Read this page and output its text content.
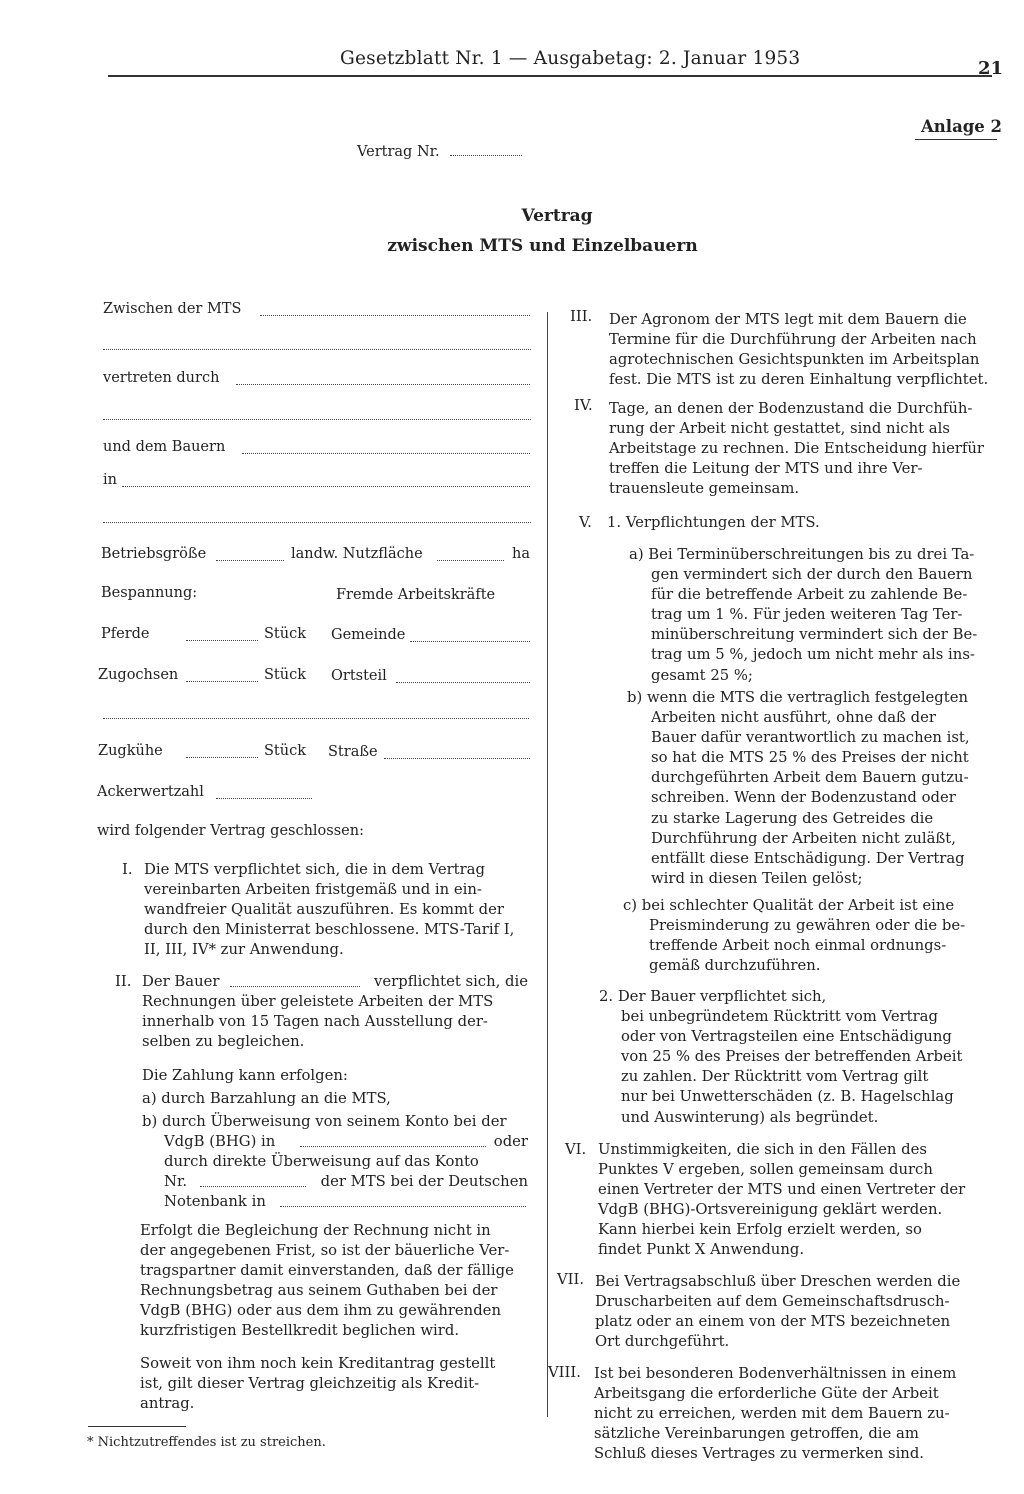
Gesetzblatt Nr. 1 — Ausgabetag: 2. Januar 1953	21
Anlage 2
Vertrag Nr.
Vertrag
zwischen MTS und Einzelbauern
Zwischen der MTS
vertreten durch
und dem Bauern
in
Betriebsgröße	landw. Nutzfläche	ha
Bespannung:	Fremde Arbeitskräfte
Pferde	Stück Gemeinde
Zugochsen	Stück Ortsteil
Zugkühe	Stück Straße
Ackerwertzahl
wird folgender Vertrag geschlossen:
I. Die MTS verpflichtet sich, die in dem Vertrag
vereinbarten Arbeiten fristgemäß und in ein-
wandfreier Qualität auszuführen. Es kommt der
durch den Ministerrat beschlossene. MTS-Tarif I,
II, III, IV* zur Anwendung.
II. Der Bauer	verpflichtet sich, die
Rechnungen über geleistete Arbeiten der MTS
innerhalb von 15 Tagen nach Ausstellung der-
selben zu begleichen.
Die Zahlung kann erfolgen:
a) durch Barzahlung an die MTS,
b) durch Überweisung von seinem Konto bei der
VdgB (BHG) in	oder
durch direkte Überweisung auf das Konto
Nr.	der MTS bei der Deutschen
Notenbank in
Erfolgt die Begleichung der Rechnung nicht in
der angegebenen Frist, so ist der bäuerliche Ver-
tragspartner damit einverstanden, daß der fällige
Rechnungsbetrag aus seinem Guthaben bei der
VdgB (BHG) oder aus dem ihm zu gewährenden
kurzfristigen Bestellkredit beglichen wird.
Soweit von ihm noch kein Kreditantrag gestellt
ist, gilt dieser Vertrag gleichzeitig als Kredit-
antrag.
* Nichtzutreffendes ist zu streichen.
III. Der Agronom der MTS legt mit dem Bauern die
Termine für die Durchführung der Arbeiten nach
agrotechnischen Gesichtspunkten im Arbeitsplan
fest. Die MTS ist zu deren Einhaltung verpflichtet.
IV. Tage, an denen der Bodenzustand die Durchfüh-
rung der Arbeit nicht gestattet, sind nicht als
Arbeitstage zu rechnen. Die Entscheidung hierfür
treffen die Leitung der MTS und ihre Ver-
trauensleute gemeinsam.
V. 1. Verpflichtungen der MTS.
a) Bei Terminüberschreitungen bis zu drei Ta-
gen vermindert sich der durch den Bauern
für die betreffende Arbeit zu zahlende Be-
trag um 1 %. Für jeden weiteren Tag Ter-
minüberschreitung vermindert sich der Be-
trag um 5 %, jedoch um nicht mehr als ins-
gesamt 25 %;
b) wenn die MTS die vertraglich festgelegten
Arbeiten nicht ausführt, ohne daß der
Bauer dafür verantwortlich zu machen ist,
so hat die MTS 25 % des Preises der nicht
durchgeführten Arbeit dem Bauern gutzu-
schreiben. Wenn der Bodenzustand oder
zu starke Lagerung des Getreides die
Durchführung der Arbeiten nicht zuläßt,
entfällt diese Entschädigung. Der Vertrag
wird in diesen Teilen gelöst;
c) bei schlechter Qualität der Arbeit ist eine
Preisminderung zu gewähren oder die be-
treffende Arbeit noch einmal ordnungs-
gemäß durchzuführen.
2. Der Bauer verpflichtet sich,
bei unbegründetem Rücktritt vom Vertrag
oder von Vertragsteilen eine Entschädigung
von 25 % des Preises der betreffenden Arbeit
zu zahlen. Der Rücktritt vom Vertrag gilt
nur bei Unwetterschäden (z. B. Hagelschlag
und Auswinterung) als begründet.
VI. Unstimmigkeiten, die sich in den Fällen des
Punktes V ergeben, sollen gemeinsam durch
einen Vertreter der MTS und einen Vertreter der
VdgB (BHG)-Ortsvereinigung geklärt werden.
Kann hierbei kein Erfolg erzielt werden, so
findet Punkt X Anwendung.
VII. Bei Vertragsabschluß über Dreschen werden die
Druscharbeiten auf dem Gemeinschaftsdrusch-
platz oder an einem von der MTS bezeichneten
Ort durchgeführt.
VIII. Ist bei besonderen Bodenverhältnissen in einem
Arbeitsgang die erforderliche Güte der Arbeit
nicht zu erreichen, werden mit dem Bauern zu-
sätzliche Vereinbarungen getroffen, die am
Schluß dieses Vertrages zu vermerken sind.
